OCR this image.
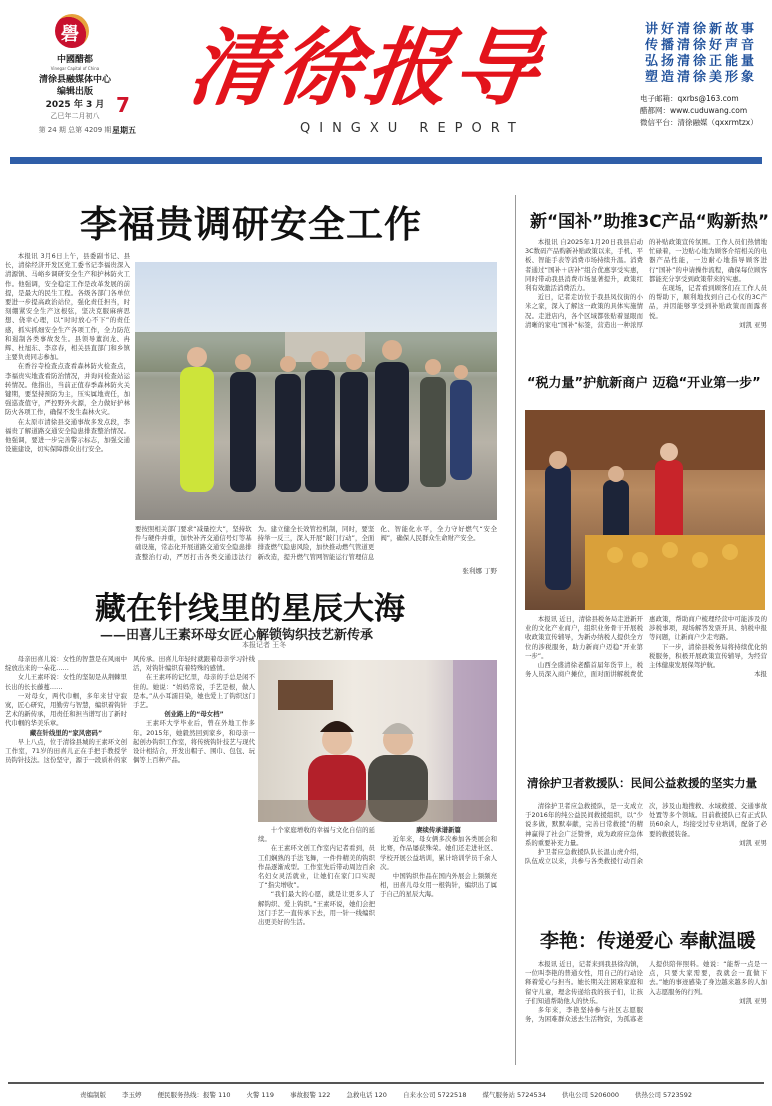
礐
中國醋都
Vinegar Capital of China
清徐县融媒体中心
编辑出版
2025 年 3 月
乙巳年二月初八
第 24 期 总第 4209 期
7
星期五
清徐报导
QINGXU REPORT
讲好清徐新故事
传播清徐好声音
弘扬清徐正能量
塑造清徐美形象
电子邮箱：qxrbs@163.com
醋都网：www.cuduwang.com
微信平台：清徐融媒（qxxrmtzx）
李福贵调研安全工作

本报讯 3月6日上午，县委副书记、县长，清徐经济开发区党工委书记李福贵深入清源镇、马峪乡调研安全生产和护林防火工作。他强调，安全稳定工作是改革发展的前提，是最大的民生工程。各级各部门各单位要进一步提高政治站位，强化责任担当，时刻绷紧安全生产这根弦，坚决克服麻痹思想、侥幸心理，以“时时放心不下”的责任感，抓实抓细安全生产各项工作，全力防范和遏制各类事故发生。县领导董润龙、冉辉、杜旭东、李彦春，相关县直部门和乡镇主要负责同志参加。

在香谷寺检查点查看森林防火检查点，李福贵实地查看防治情况，并询问检查站运转情况。他指出，当前正值春季森林防火关键期，要坚持预防为主，压实属地责任，加强巡查值守，严控野外火源，全力做好护林防火各项工作，确保不发生森林火灾。

在太原市清徐县交通事故多发点段，李福贵了解道路交通安全隐患排查整治情况。他强调，要进一步完善警示标志，加强交通设施建设，切实保障群众出行安全。

要按照相关部门要求“减量控大”，坚持软件与硬件并重，加快补齐交通信号灯等基础设施，常态化开展道路交通安全隐患排查整治行动，严厉打击各类交通违法行为。建立健全长效管控机制，同时，要坚持举一反三，深入开展“敲门行动”，全面排查燃气隐患风险，加快推动燃气管道更新改造，提升燃气管网智能运行管理信息化、智能化水平，全力守好燃气“安全阀”，确保人民群众生命财产安全。
张利娜 丁野
藏在针线里的星辰大海
——田喜儿王素环母女匠心解锁钩织技艺新传承
本报记者 王冬

母亲田喜儿说：女性的智慧是在风雨中绽放出来的一朵花……

女儿王素环说：女性的坚韧是从荆棘里长出的长长藤蔓……

一对母女，两代巾帼，多年来甘守寂寞，匠心研究，用勤劳与智慧，编织着钩针艺术的新传承，用责任和担当谱写出了新时代巾帼的华美乐章。

藏在针线里的“家风密码”

早上八点，位于清徐县城的王素环文创工作室，71岁的田喜儿正在手把手教授学员钩针技法。这份坚守，源于一段质朴的家风传承。田喜儿年轻时就跟着母亲学习针线活，对钩针编织有着特殊的感情。

在王素环的记忆里，母亲的手总是闲不住的。她说：“妈妈常说，手艺是根，做人是本。”从小耳濡目染，她也爱上了钩织这门手艺。

创业路上的“母女档”

王素环大学毕业后，曾在外地工作多年。2015年，她毅然回到家乡，和母亲一起创办钩织工作室，将传统钩针技艺与现代设计相结合，开发出帽子、围巾、包包、玩偶等上百种产品。

十个家庭增收的幸福与文化自信的延续。

在王素环文创工作室内记者看到，员工们娴熟的手法飞舞，一件件精美的钩织作品逐渐成型。工作室先后带动周边百余名妇女灵活就业，让她们在家门口实现了“指尖增收”。

“我们最大的心愿，就是让更多人了解钩织、爱上钩织。”王素环说，她们会把这门手艺一直传承下去，用一针一线编织出更美好的生活。

赓续传承谱新篇

近年来，母女俩多次参加各类展会和比赛，作品屡获殊荣。她们还走进社区、学校开展公益培训，累计培训学员千余人次。

中国钩织作品在国内外展会上频频亮相，田喜儿母女用一根钩针，编织出了属于自己的星辰大海。

新“国补”助推3C产品“购新热”

本报讯 自2025年1月20日我县启动3C数码产品购新补贴政策以来，手机、平板、智能手表等消费市场持续升温。消费者通过“国补＋店补”组合优惠享受实惠，同时带动我县消费市场显著提升，政策红利有效激活消费活力。

近日，记者走访位于我县凤仪街的小米之家，深入了解这一政策的具体实施情况。走进店内，各个区域都张贴着显眼而清晰的家电“国补”标签，营造出一种浓厚的补贴政策宣传氛围。工作人员们热情地忙碌着，一边贴心地为顾客介绍相关的电器产品性能，一边耐心地指导顾客进行“国补”的申请操作流程，确保每位顾客都能充分享受到政策带来的实惠。

在现场，记者看到顾客们在工作人员的帮助下，顺利地找到自己心仪的3C产品，并因能够享受到补贴政策而面露喜悦。

刘凯 亚男
“税力量”护航新商户 迈稳“开业第一步”

本报讯 近日，清徐县税务局走进新开业的文化产业商户，组织业务骨干开展税收政策宣传辅导，为新办纳税人提供全方位的涉税服务，助力新商户迈稳“开业第一步”。

山西全盛清徐老醋首届年货节上，税务人员深入商户摊位，面对面讲解税费优惠政策，帮助商户梳理经营中可能涉及的涉税事项，现场解答发票开具、纳税申报等问题，让新商户少走弯路。

下一步，清徐县税务局将持续优化纳税服务，积极开展政策宣传辅导，为经营主体健康发展保驾护航。

本报
清徐护卫者救援队：民间公益救援的坚实力量

清徐护卫者应急救援队，是一支成立于2016年的纯公益民间救援组织，以“少说多做，默默奉献，完善日常救援”的精神赢得了社会广泛赞誉，成为政府应急体系的重要补充力量。

护卫者应急救援队队长温山虎介绍，队伍成立以来，共参与各类救援行动百余次，涉及山地搜救、水域救援、交通事故处置等多个领域。目前救援队已有正式队员60余人，均接受过专业培训，配备了必要的救援装备。

刘凯 亚男
李艳：传递爱心 奉献温暖

本报讯 近日，记者来到我县徐沟镇，一位叫李艳的普通女性，用自己的行动诠释着爱心与担当。她长期关注困难家庭和留守儿童，理念传递给我的孩子们，让孩子们知道帮助他人的快乐。

多年来，李艳坚持参与社区志愿服务，为困难群众送去生活物资，为孤寡老人提供陪伴照料。她说：“能帮一点是一点，只要大家需要，我就会一直做下去。”她的事迹感染了身边越来越多的人加入志愿服务的行列。

刘凯 亚男
责编制版 李玉婷 便民服务热线：报警 110 火警 119 事故报警 122 急救电话 120 自来水公司 5722518 煤气服务站 5724534 供电公司 5206000 供热公司 5723592
